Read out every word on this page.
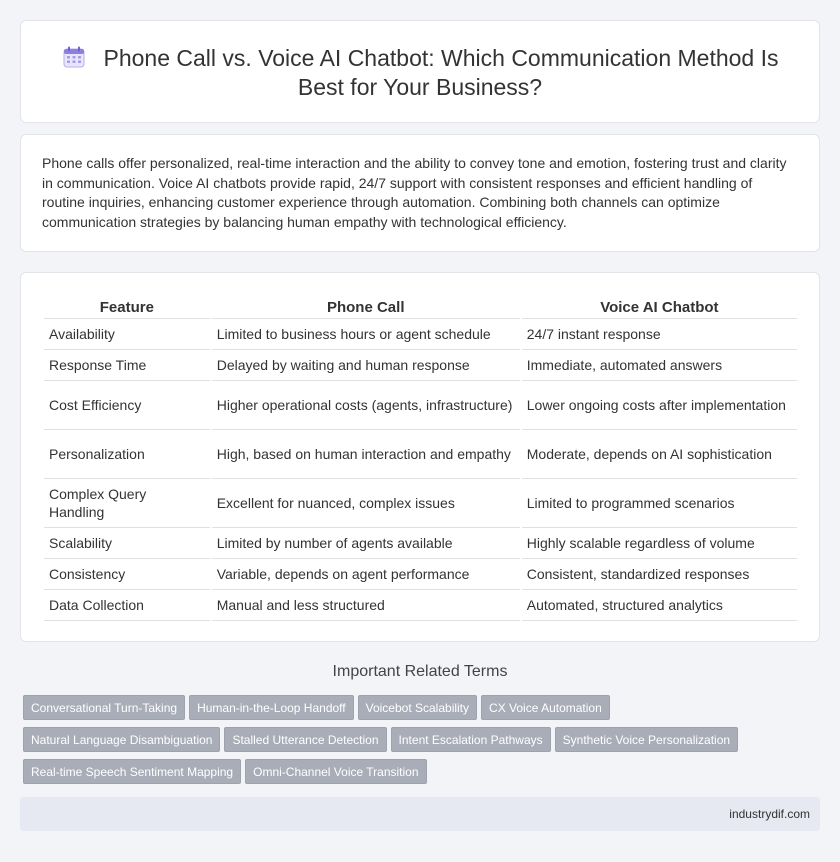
Phone Call vs. Voice AI Chatbot: Which Communication Method Is Best for Your Business?

Phone calls offer personalized, real-time interaction and the ability to convey tone and emotion, fostering trust and clarity in communication. Voice AI chatbots provide rapid, 24/7 support with consistent responses and efficient handling of routine inquiries, enhancing customer experience through automation. Combining both channels can optimize communication strategies by balancing human empathy with technological efficiency.

Feature	Phone Call	Voice AI Chatbot
Availability	Limited to business hours or agent schedule	24/7 instant response
Response Time	Delayed by waiting and human response	Immediate, automated answers
Cost Efficiency	Higher operational costs (agents, infrastructure)	Lower ongoing costs after implementation
Personalization	High, based on human interaction and empathy	Moderate, depends on AI sophistication
Complex Query Handling	Excellent for nuanced, complex issues	Limited to programmed scenarios
Scalability	Limited by number of agents available	Highly scalable regardless of volume
Consistency	Variable, depends on agent performance	Consistent, standardized responses
Data Collection	Manual and less structured	Automated, structured analytics
Important Related Terms
Conversational Turn-Taking Human-in-the-Loop Handoff Voicebot Scalability CX Voice Automation
Natural Language Disambiguation Stalled Utterance Detection Intent Escalation Pathways Synthetic Voice Personalization
Real-time Speech Sentiment Mapping Omni-Channel Voice Transition
industrydif.com
